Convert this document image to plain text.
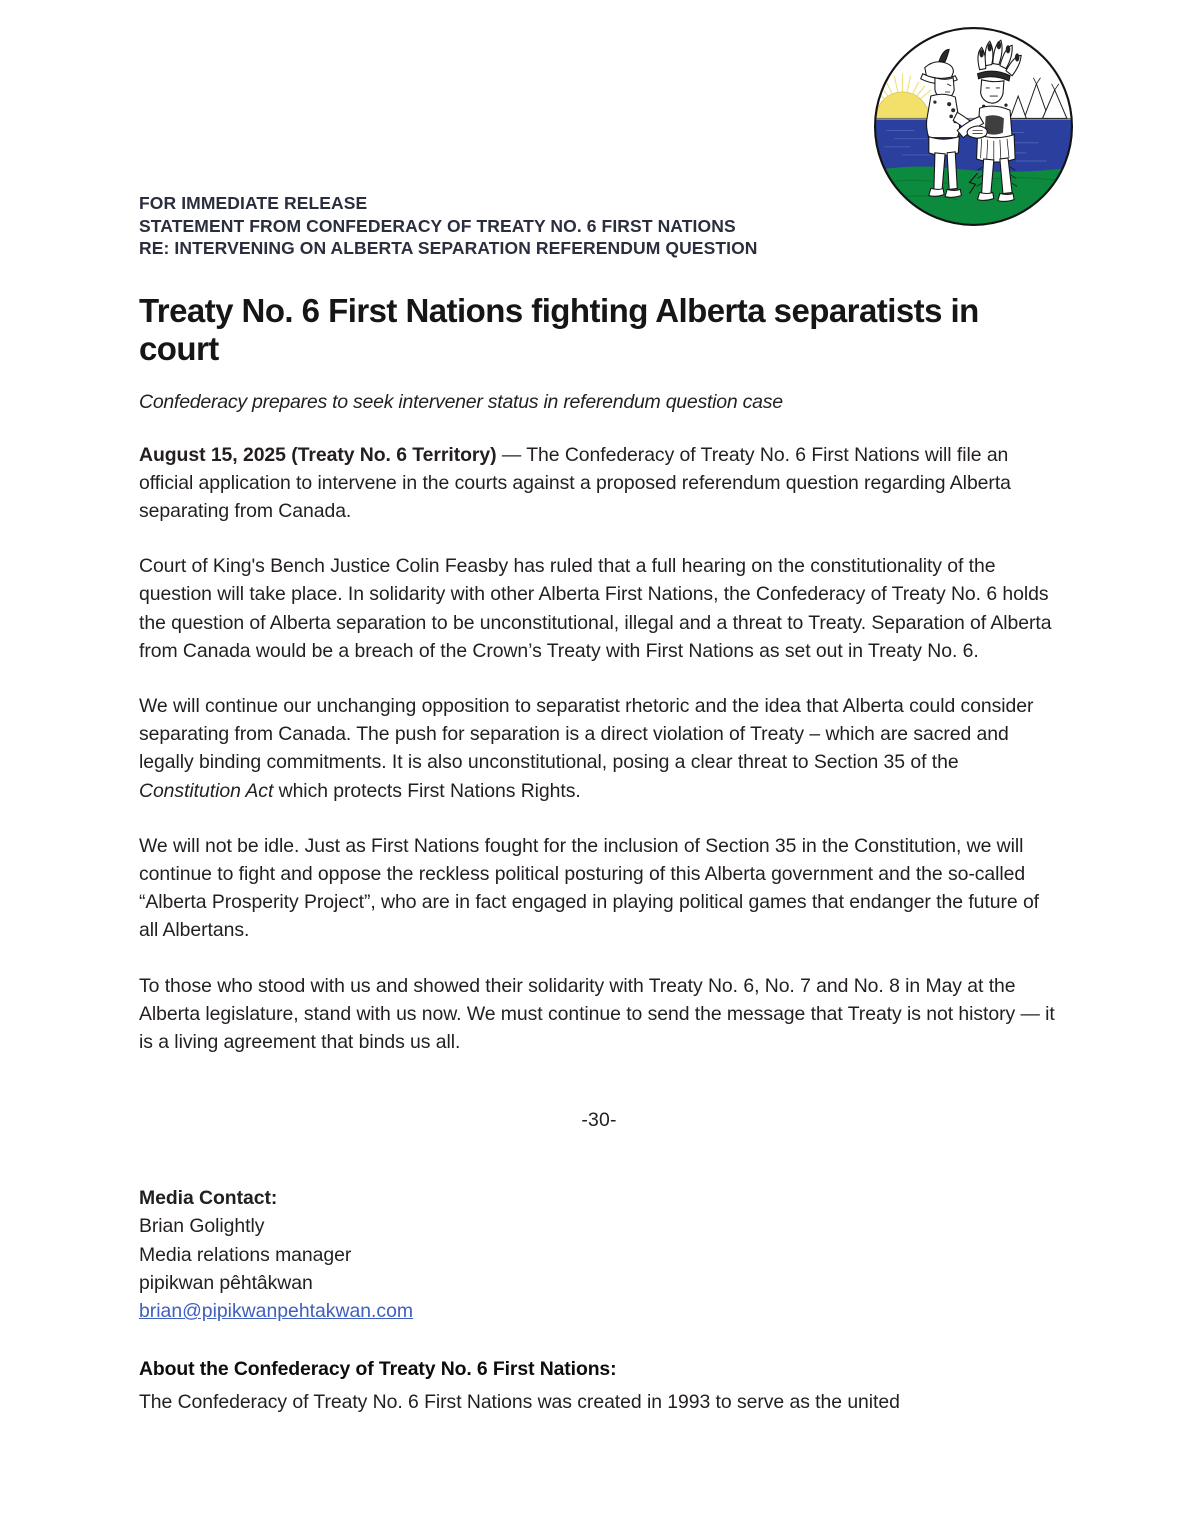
FOR IMMEDIATE RELEASE
STATEMENT FROM CONFEDERACY OF TREATY NO. 6 FIRST NATIONS
RE: INTERVENING ON ALBERTA SEPARATION REFERENDUM QUESTION
Treaty No. 6 First Nations fighting Alberta separatists in court
Confederacy prepares to seek intervener status in referendum question case

August 15, 2025 (Treaty No. 6 Territory) — The Confederacy of Treaty No. 6 First Nations will file an official application to intervene in the courts against a proposed referendum question regarding Alberta separating from Canada.

Court of King's Bench Justice Colin Feasby has ruled that a full hearing on the constitutionality of the question will take place. In solidarity with other Alberta First Nations, the Confederacy of Treaty No. 6 holds the question of Alberta separation to be unconstitutional, illegal and a threat to Treaty. Separation of Alberta from Canada would be a breach of the Crown’s Treaty with First Nations as set out in Treaty No. 6.

We will continue our unchanging opposition to separatist rhetoric and the idea that Alberta could consider separating from Canada. The push for separation is a direct violation of Treaty – which are sacred and legally binding commitments. It is also unconstitutional, posing a clear threat to Section 35 of the Constitution Act which protects First Nations Rights.

We will not be idle. Just as First Nations fought for the inclusion of Section 35 in the Constitution, we will continue to fight and oppose the reckless political posturing of this Alberta government and the so-called “Alberta Prosperity Project”, who are in fact engaged in playing political games that endanger the future of all Albertans.

To those who stood with us and showed their solidarity with Treaty No. 6, No. 7 and No. 8 in May at the Alberta legislature, stand with us now. We must continue to send the message that Treaty is not history — it is a living agreement that binds us all.

-30-
Media Contact:
Brian Golightly
Media relations manager
pipikwan pêhtâkwan
brian@pipikwanpehtakwan.com
About the Confederacy of Treaty No. 6 First Nations:
The Confederacy of Treaty No. 6 First Nations was created in 1993 to serve as the united
